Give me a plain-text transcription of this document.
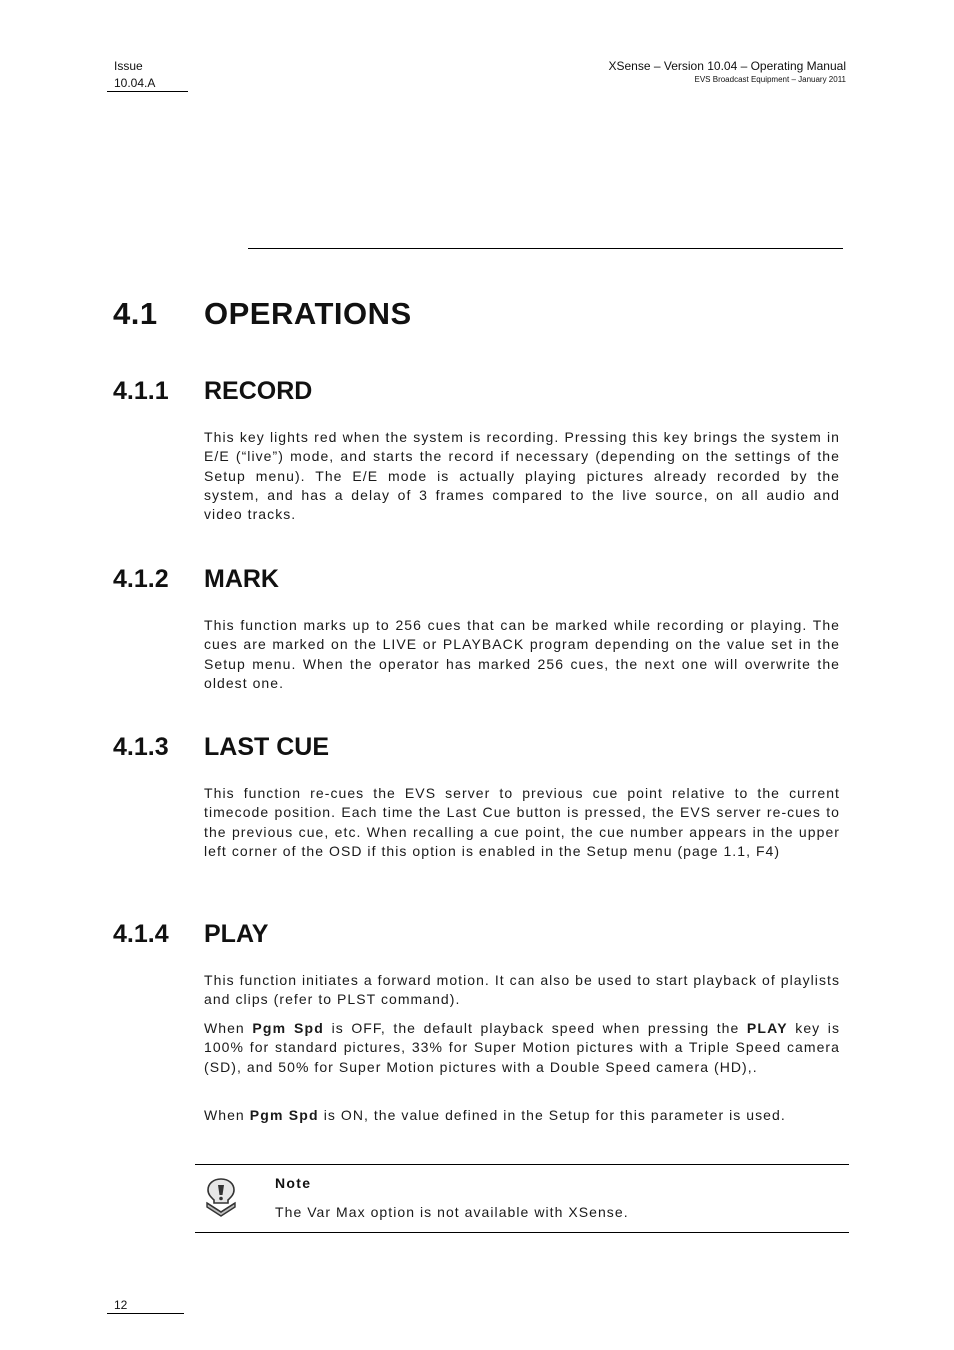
Issue
10.04.A
XSense – Version 10.04 – Operating Manual
EVS Broadcast Equipment – January 2011
4.1 OPERATIONS
4.1.1 RECORD
This key lights red when the system is recording. Pressing this key brings the system in E/E (“live”) mode, and starts the record if necessary (depending on the settings of the Setup menu). The E/E mode is actually playing pictures already recorded by the system, and has a delay of 3 frames compared to the live source, on all audio and video tracks.
4.1.2 MARK
This function marks up to 256 cues that can be marked while recording or playing. The cues are marked on the LIVE or PLAYBACK program depending on the value set in the Setup menu. When the operator has marked 256 cues, the next one will overwrite the oldest one.
4.1.3 LAST CUE
This function re-cues the EVS server to previous cue point relative to the current timecode position. Each time the Last Cue button is pressed, the EVS server re-cues to the previous cue, etc. When recalling a cue point, the cue number appears in the upper left corner of the OSD if this option is enabled in the Setup menu (page 1.1, F4)
4.1.4 PLAY
This function initiates a forward motion. It can also be used to start playback of playlists and clips (refer to PLST command).
When Pgm Spd is OFF, the default playback speed when pressing the PLAY key is 100% for standard pictures, 33% for Super Motion pictures with a Triple Speed camera (SD), and 50% for Super Motion pictures with a Double Speed camera (HD),.
When Pgm Spd is ON, the value defined in the Setup for this parameter is used.
Note
The Var Max option is not available with XSense.
12
